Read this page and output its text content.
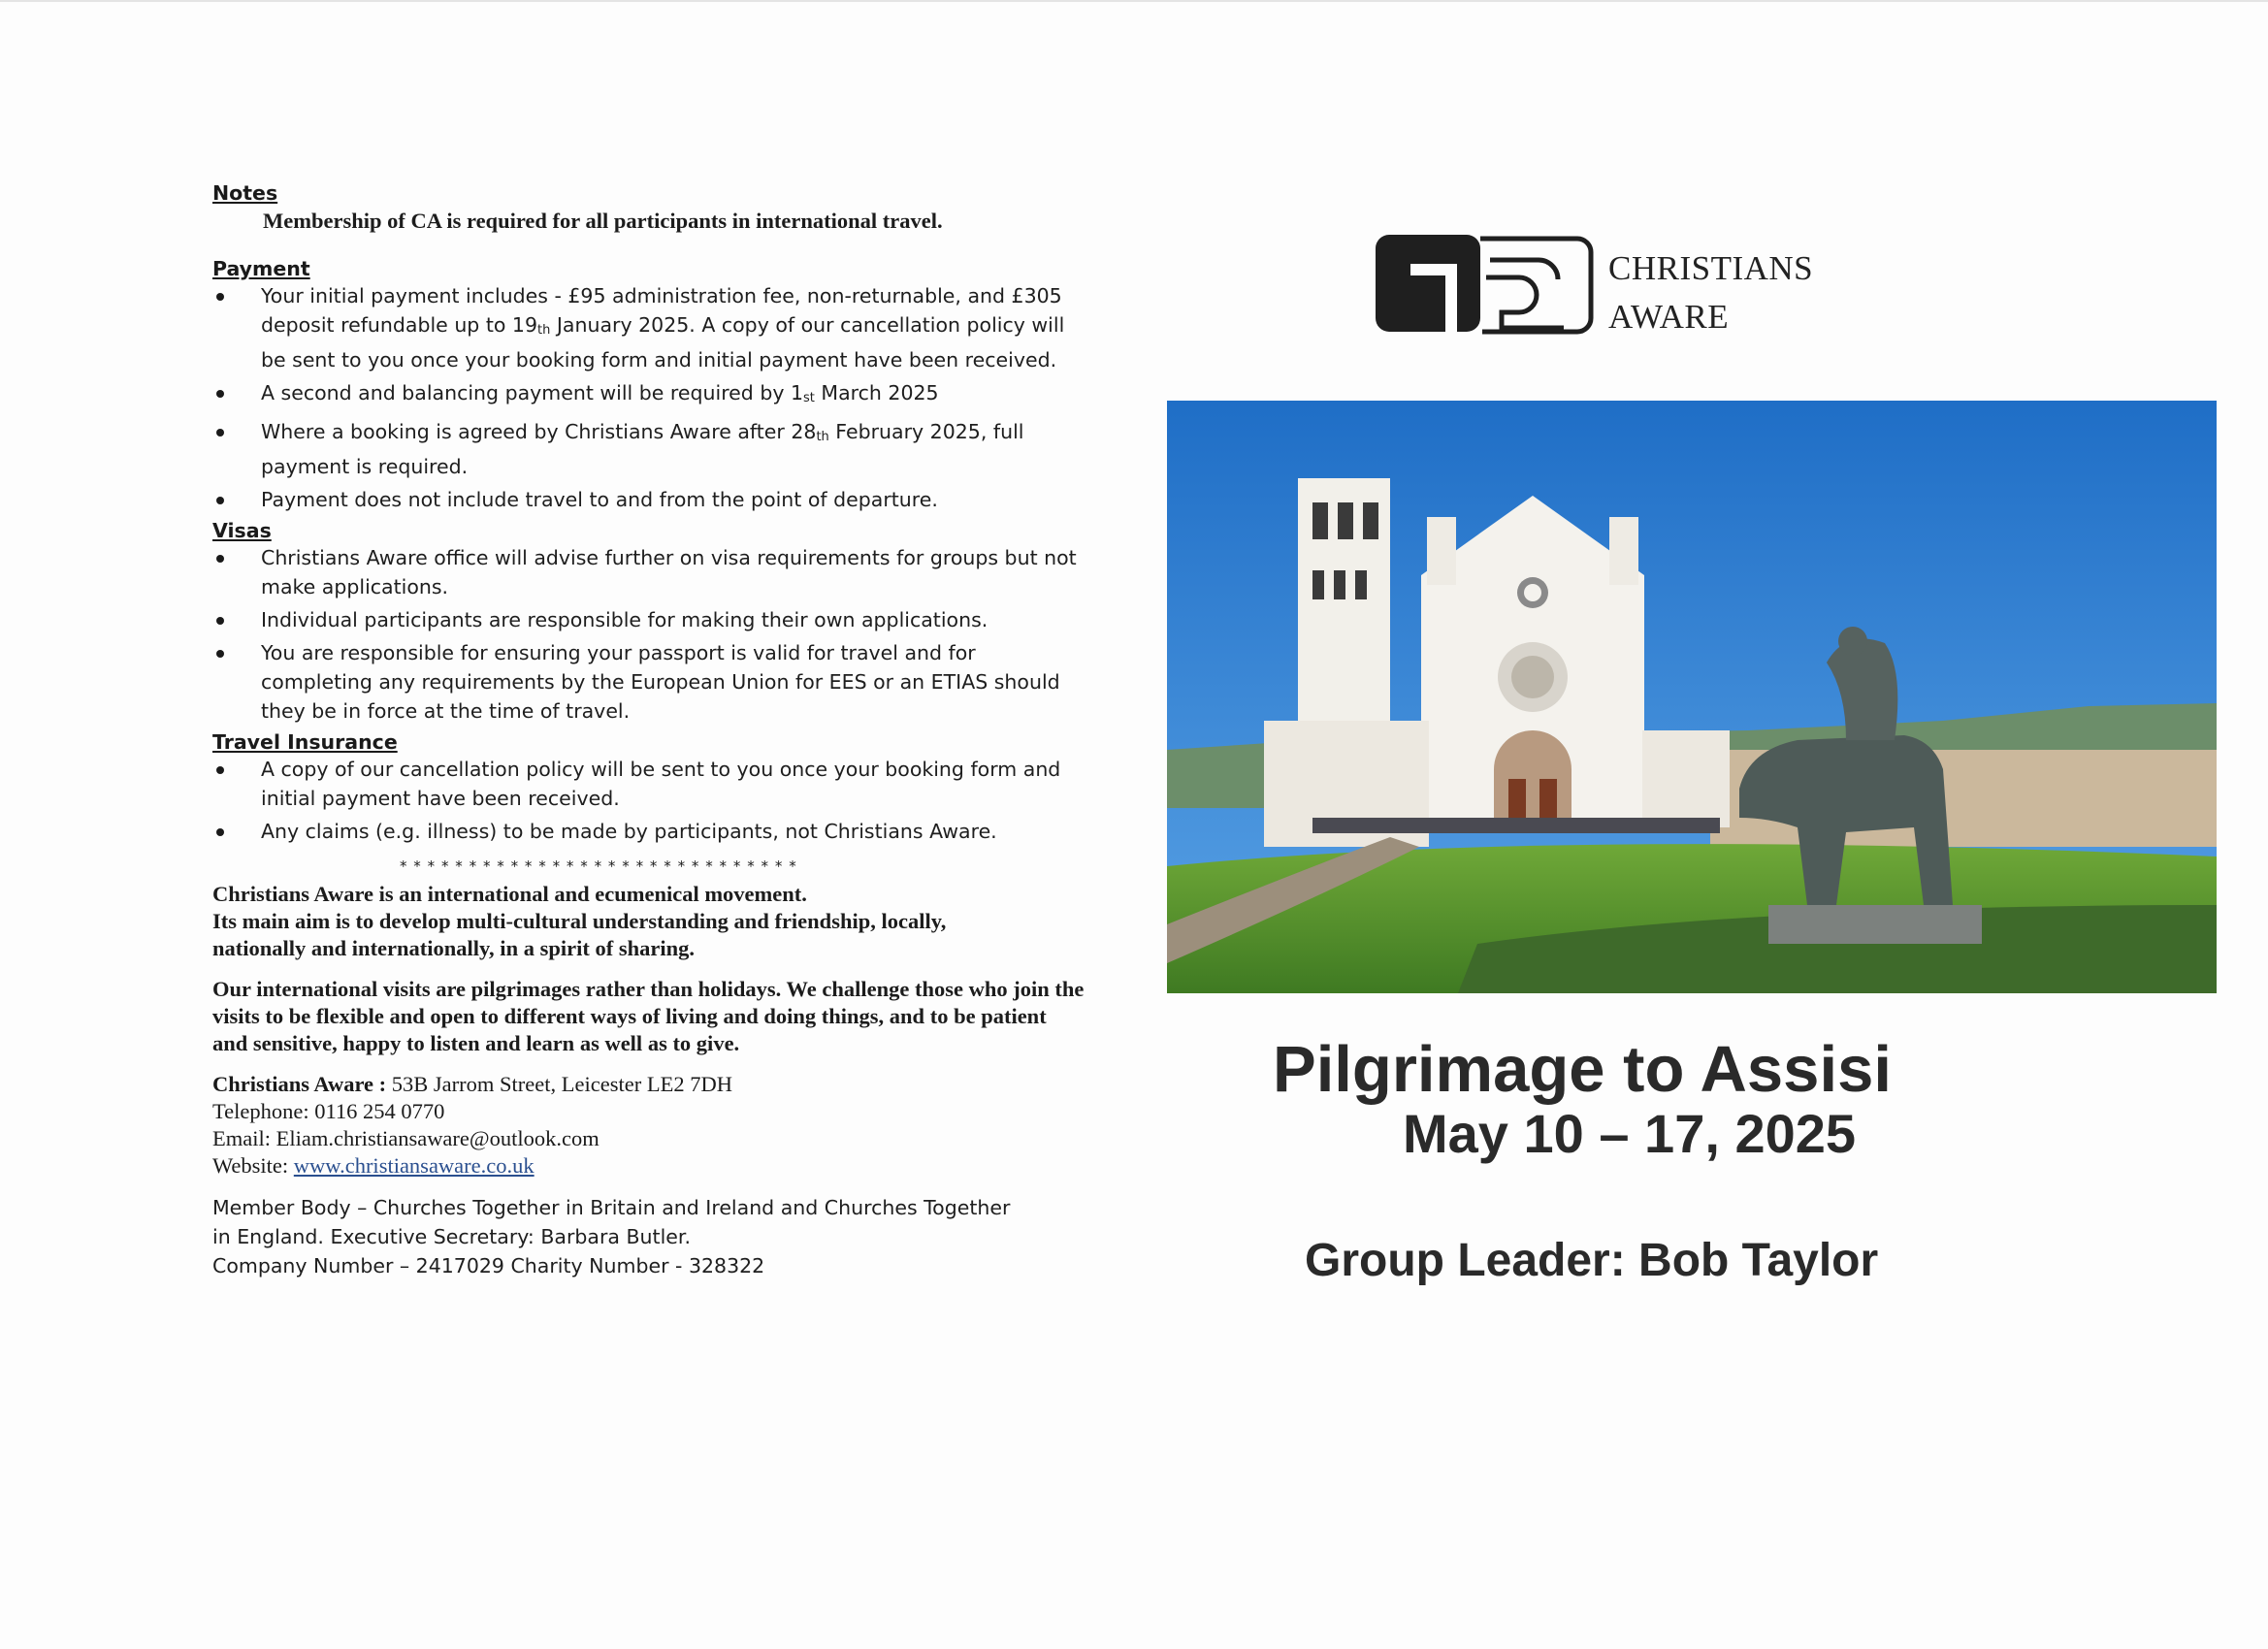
Notes

Membership of CA is required for all participants in international travel.

Payment

Your initial payment includes - £95 administration fee, non-returnable, and £305 deposit refundable up to $19_{th}$ January 2025. A copy of our cancellation policy will be sent to you once your booking form and initial payment have been received.
A second and balancing payment will be required by $1_{st}$ March 2025
Where a booking is agreed by Christians Aware after $28_{th}$ February 2025, full payment is required.
Payment does not include travel to and from the point of departure.

Visas

Christians Aware office will advise further on visa requirements for groups but not make applications.
Individual participants are responsible for making their own applications.
You are responsible for ensuring your passport is valid for travel and for completing any requirements by the European Union for EES or an ETIAS should they be in force at the time of travel.

Travel Insurance

A copy of our cancellation policy will be sent to you once your booking form and initial payment have been received.
Any claims (e.g. illness) to be made by participants, not Christians Aware.
*****************************
Christians Aware is an international and ecumenical movement.
Its main aim is to develop multi-cultural understanding and friendship, locally, nationally and internationally, in a spirit of sharing.
Our international visits are pilgrimages rather than holidays. We challenge those who join the visits to be flexible and open to different ways of living and doing things, and to be patient and sensitive, happy to listen and learn as well as to give.
Christians Aware : 53B Jarrom Street, Leicester LE2 7DH
Telephone: 0116 254 0770
Email: Eliam.christiansaware@outlook.com
Website: www.christiansaware.co.uk
Member Body – Churches Together in Britain and Ireland and Churches Together in England. Executive Secretary: Barbara Butler.
Company Number – 2417029 Charity Number - 328322
CHRISTIANS
AWARE
Pilgrimage to Assisi
May 10 – 17, 2025
Group Leader: Bob Taylor
